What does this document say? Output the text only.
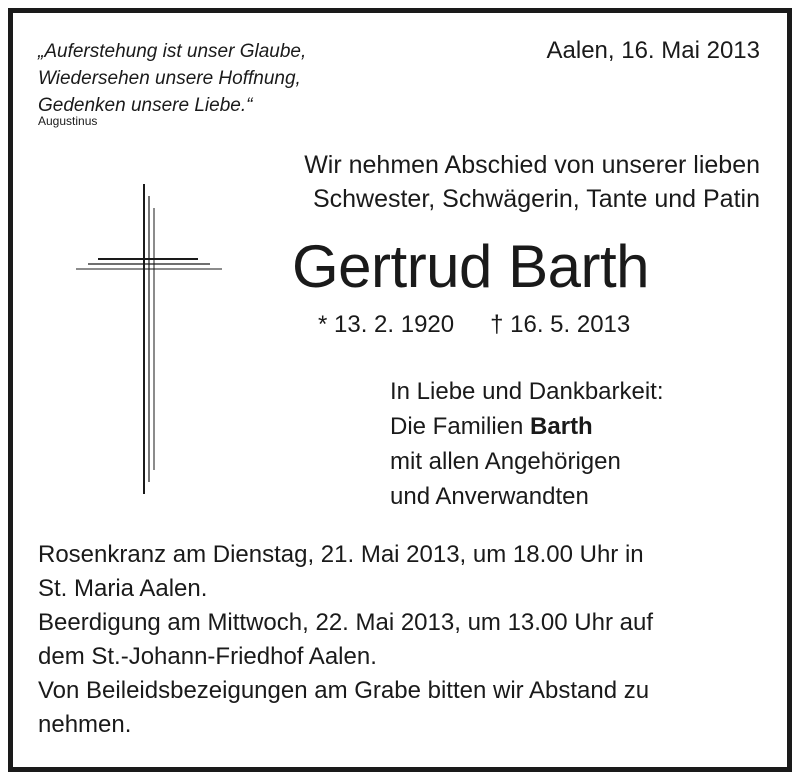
„Auferstehung ist unser Glaube,
Wiedersehen unsere Hoffnung,
Gedenken unsere Liebe.“
Augustinus
Aalen, 16. Mai 2013
Wir nehmen Abschied von unserer lieben
Schwester, Schwägerin, Tante und Patin
Gertrud Barth
* 13. 2. 1920 † 16. 5. 2013
In Liebe und Dankbarkeit:
Die Familien Barth
mit allen Angehörigen
und Anverwandten
Rosenkranz am Dienstag, 21. Mai 2013, um 18.00 Uhr in
St. Maria Aalen.
Beerdigung am Mittwoch, 22. Mai 2013, um 13.00 Uhr auf
dem St.-Johann-Friedhof Aalen.
Von Beileidsbezeigungen am Grabe bitten wir Abstand zu
nehmen.
